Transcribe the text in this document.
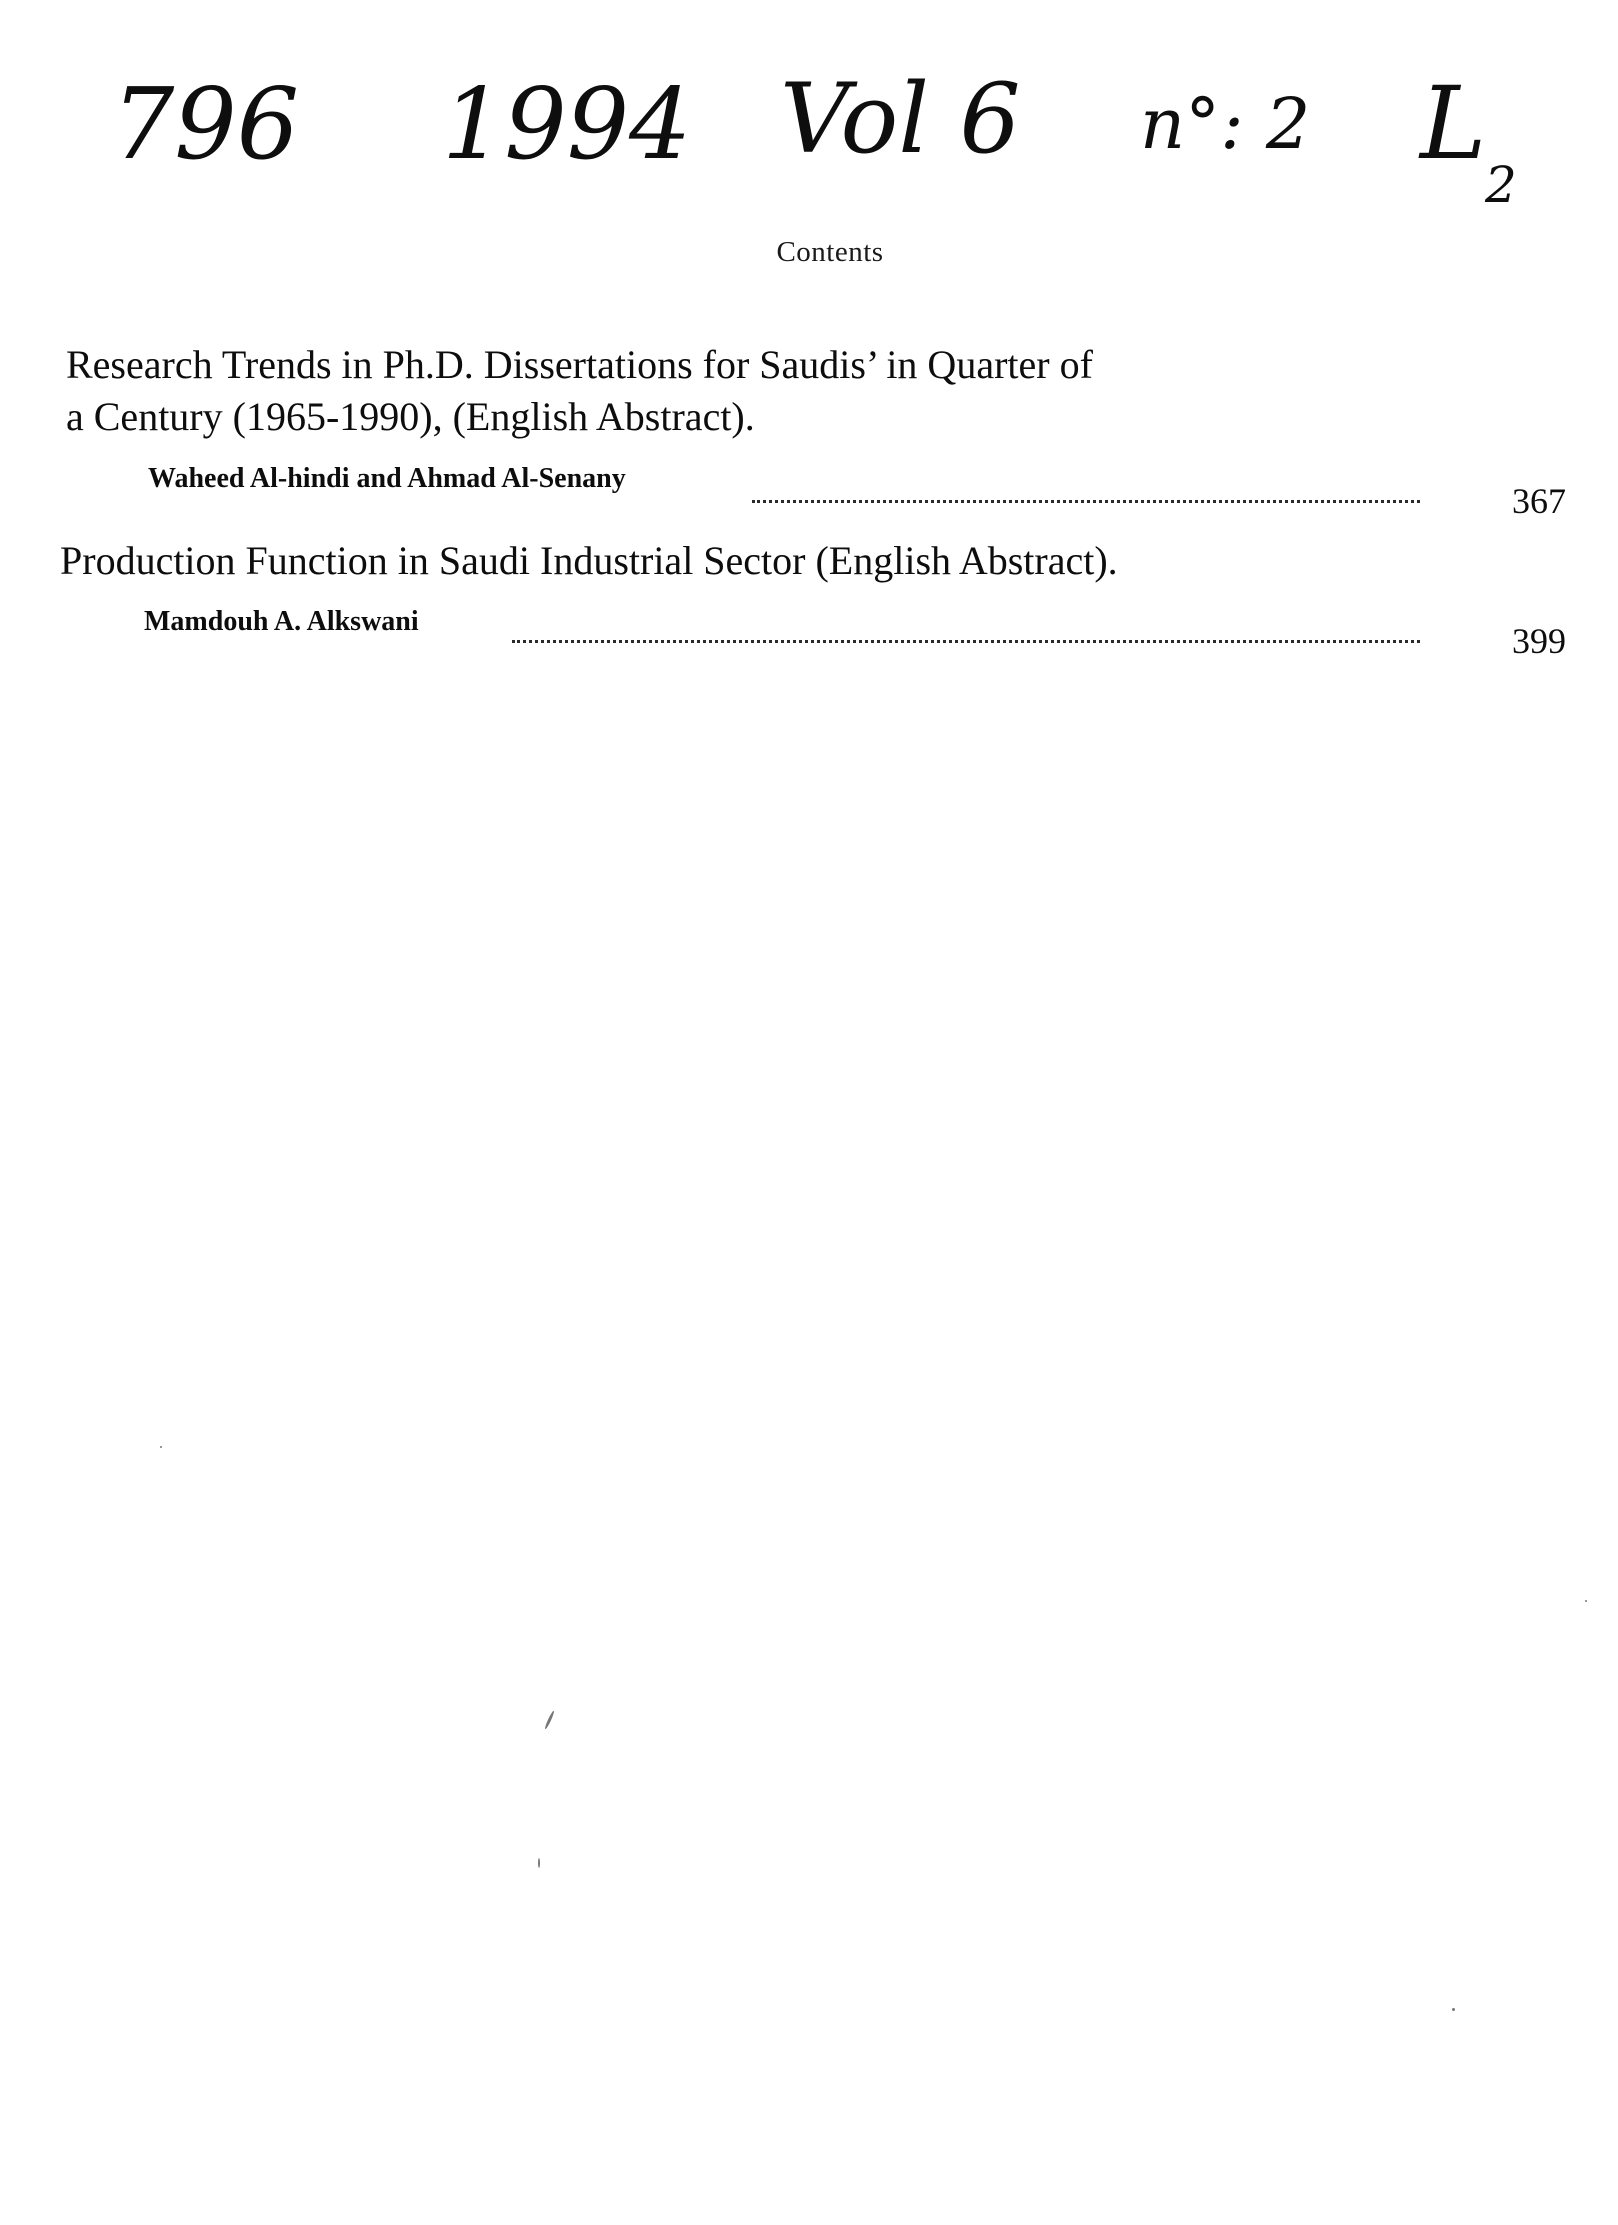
796 1994 Vol 6 n°: 2 L
2
Contents
Research Trends in Ph.D. Dissertations for Saudis’ in Quarter of
a Century (1965-1990), (English Abstract).
Waheed Al-hindi and Ahmad Al-Senany
367
Production Function in Saudi Industrial Sector (English Abstract).
Mamdouh A. Alkswani	399
